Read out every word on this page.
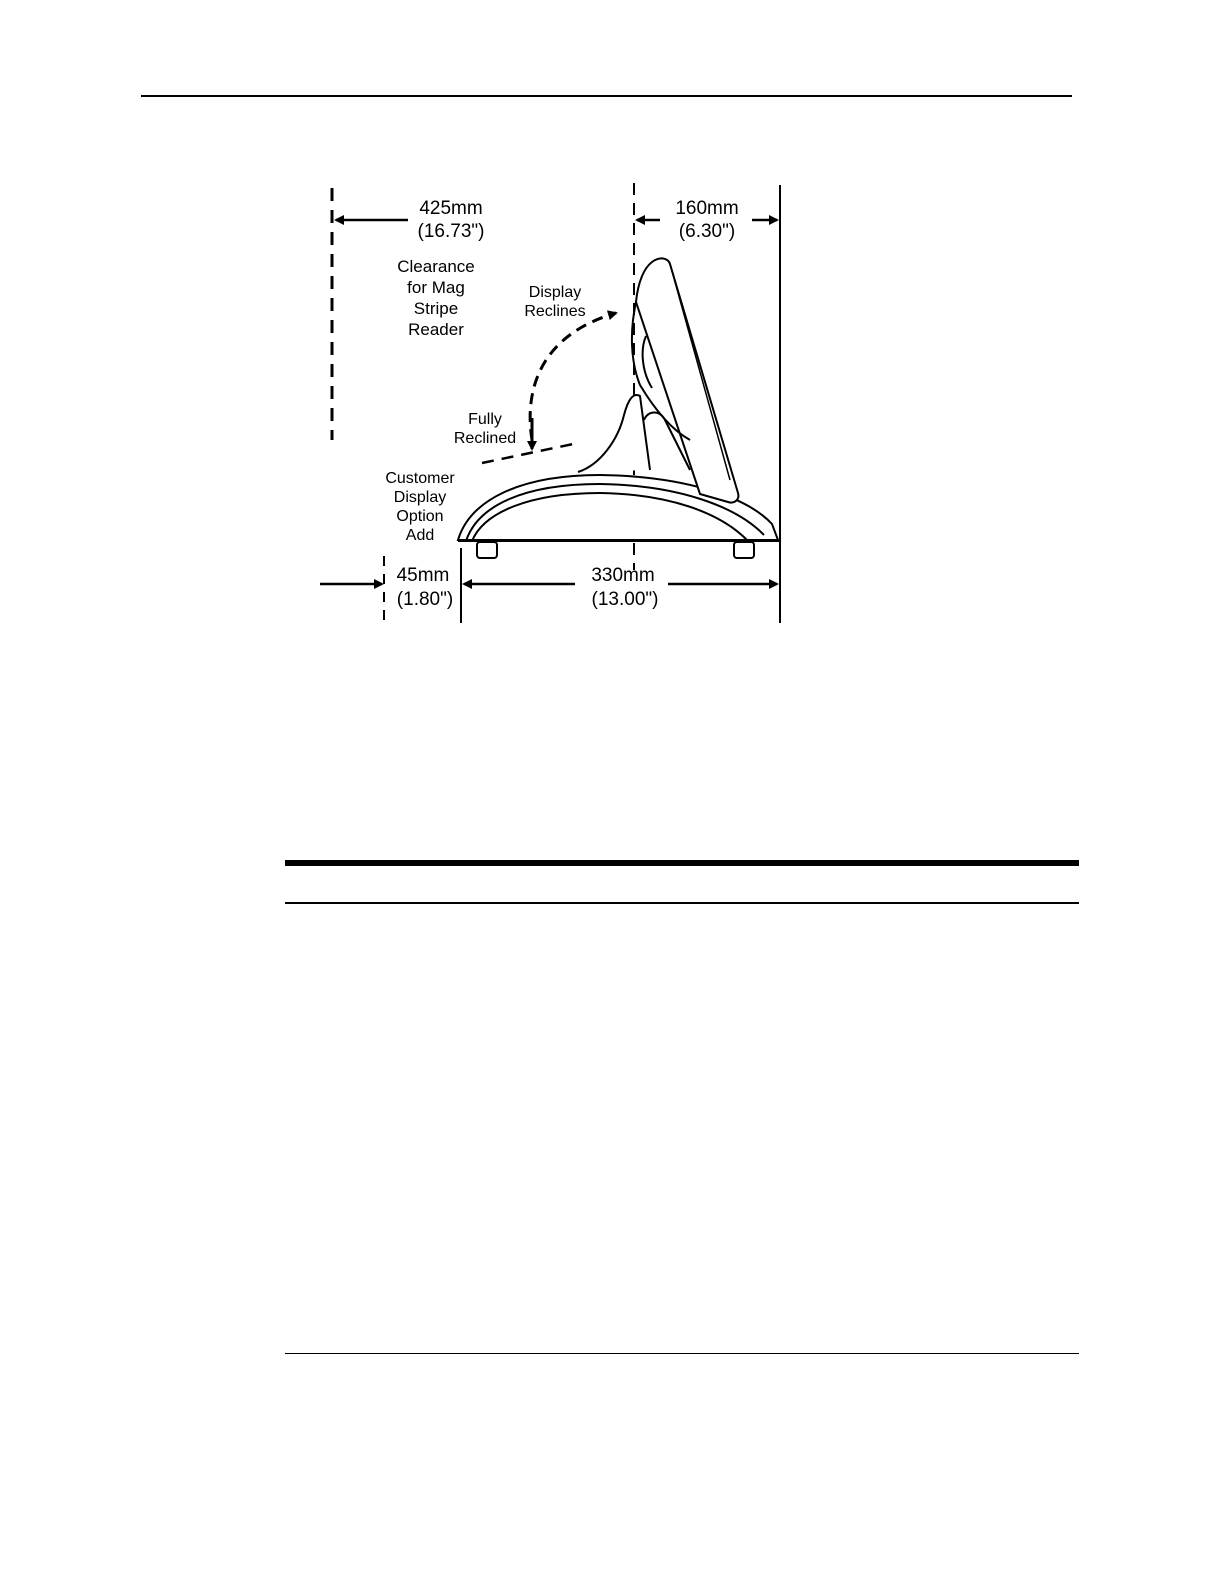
425mm
(16.73")
Clearance
for Mag
Stripe
Reader
Display
Reclines
Fully
Reclined
Customer
Display
Option
Add
160mm
(6.30")
45mm
(1.80")
330mm
(13.00")
